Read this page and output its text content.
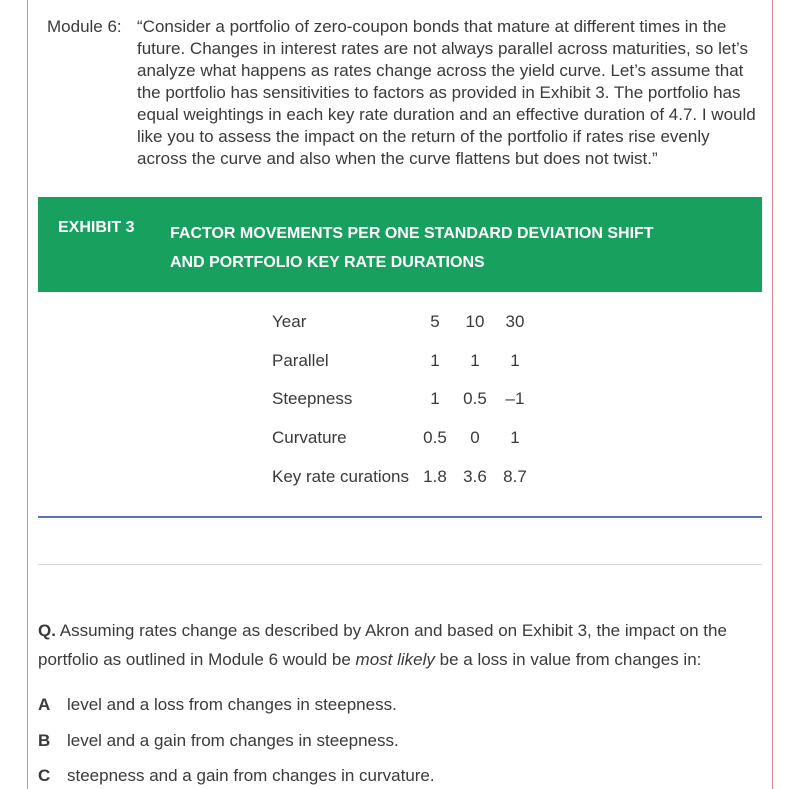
Module 6: “Consider a portfolio of zero-coupon bonds that mature at different times in the future. Changes in interest rates are not always parallel across maturities, so let’s analyze what happens as rates change across the yield curve. Let’s assume that the portfolio has sensitivities to factors as provided in Exhibit 3. The portfolio has equal weightings in each key rate duration and an effective duration of 4.7. I would like you to assess the impact on the return of the portfolio if rates rise evenly across the curve and also when the curve flattens but does not twist.”
EXHIBIT 3 FACTOR MOVEMENTS PER ONE STANDARD DEVIATION SHIFT
AND PORTFOLIO KEY RATE DURATIONS
Year	5	10	30
Parallel	1	1	1
Steepness	1	0.5	–1
Curvature	0.5	0	1
Key rate curations	1.8	3.6	8.7
Q. Assuming rates change as described by Akron and based on Exhibit 3, the impact on the portfolio as outlined in Module 6 would be most likely be a loss in value from changes in:
A level and a loss from changes in steepness.
B level and a gain from changes in steepness.
C steepness and a gain from changes in curvature.
